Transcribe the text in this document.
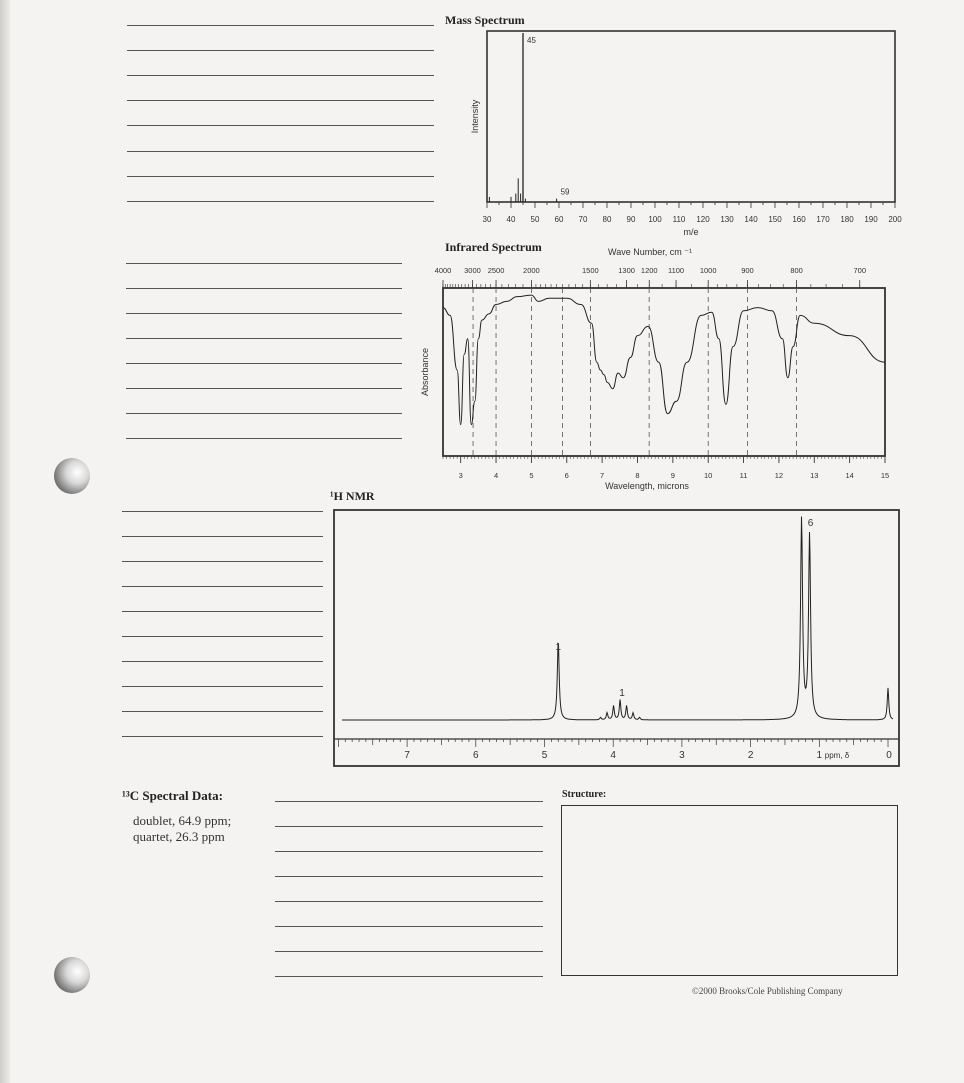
Mass Spectrum
30 40 50 60 70 80 90 100 110 120 130 140 150 160 170 180 190 200
m/e
Intensity
45
59
Infrared Spectrum	Wave Number, cm ⁻¹
4000 3000 2500 2000	1500	1300 1200 1100 1000	900	800	700
3	4	5	6	7	8	9	10	11	12	13	14	15
Wavelength, microns
Absorbance
¹H NMR
7	6	5	4	3	2	1	0
ppm, δ
1
1
6
¹³C Spectral Data:
doublet, 64.9 ppm;
quartet, 26.3 ppm
Structure:
©2000 Brooks/Cole Publishing Company
